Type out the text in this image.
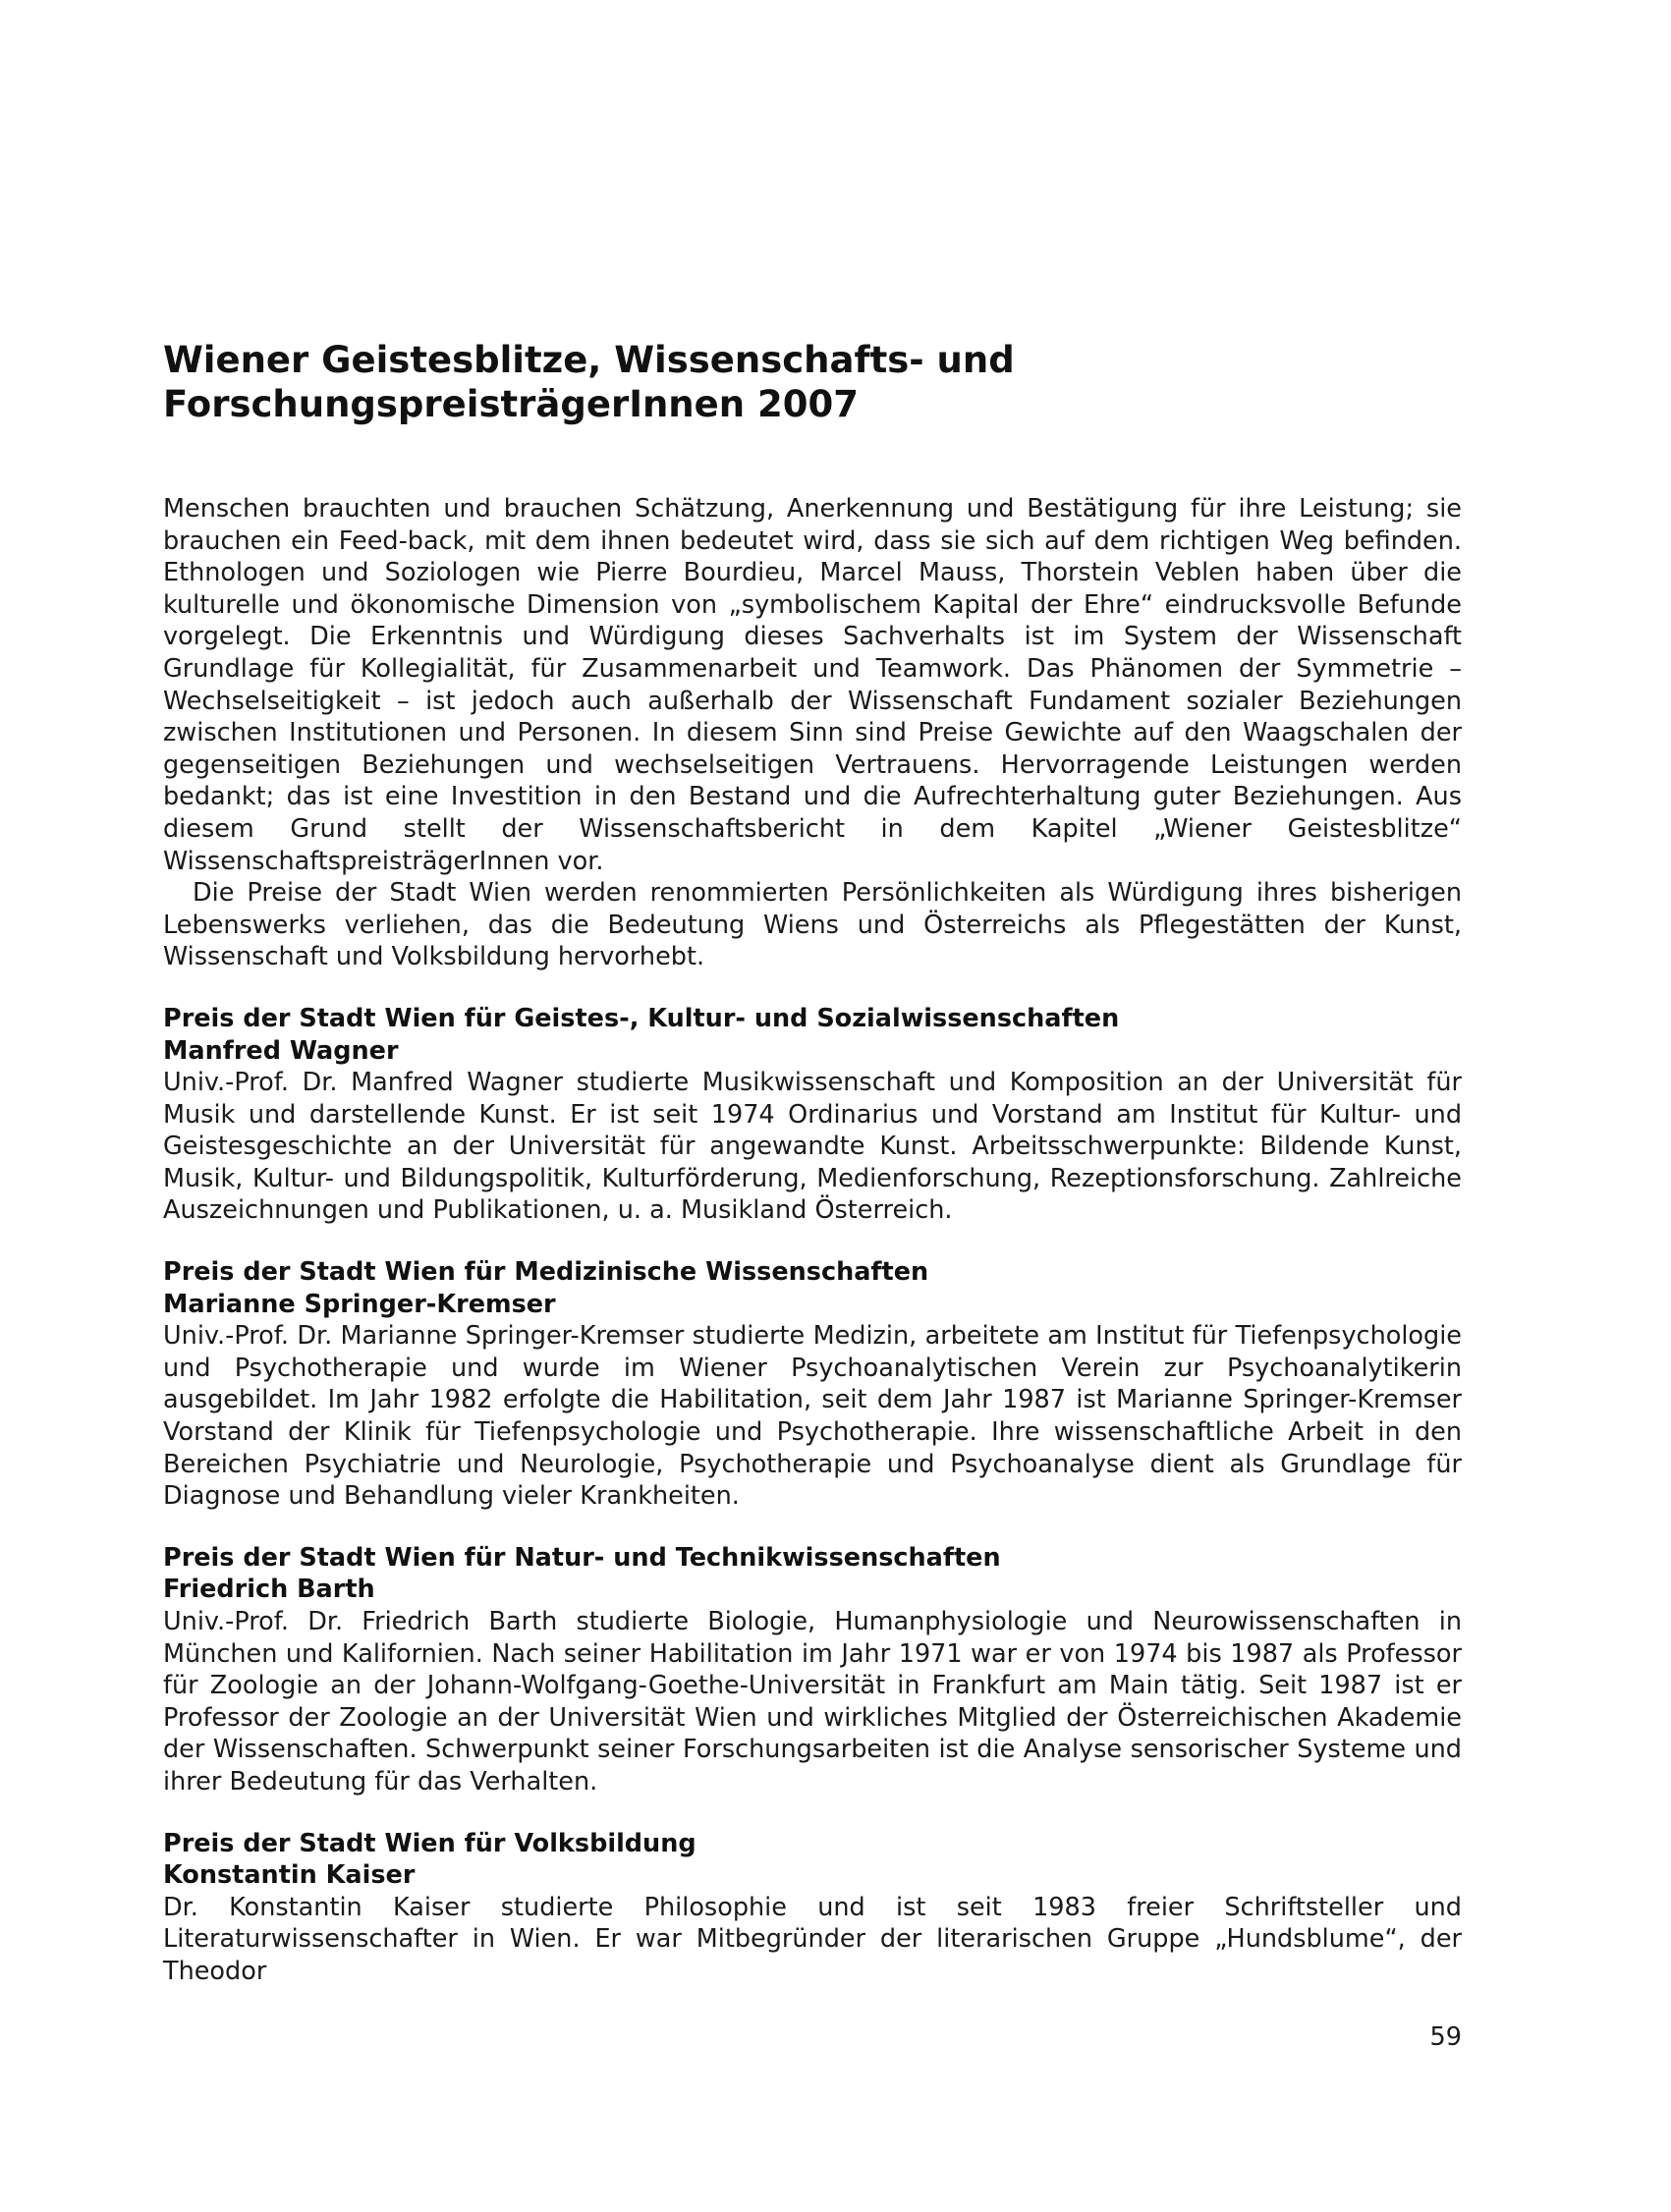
Wiener Geistesblitze, Wissenschafts- und
ForschungspreisträgerInnen 2007

Menschen brauchten und brauchen Schätzung, Anerkennung und Bestätigung für ihre Leistung; sie brauchen ein Feed-back, mit dem ihnen bedeutet wird, dass sie sich auf dem richtigen Weg befinden. Ethnologen und Soziologen wie Pierre Bourdieu, Marcel Mauss, Thorstein Veblen haben über die kulturelle und ökonomische Dimension von „symbolischem Kapital der Ehre“ eindrucksvolle Befunde vorgelegt. Die Erkenntnis und Würdigung dieses Sachverhalts ist im System der Wissenschaft Grundlage für Kollegialität, für Zusammenarbeit und Teamwork. Das Phänomen der Symmetrie – Wechselseitigkeit – ist jedoch auch außerhalb der Wissenschaft Fundament sozialer Beziehungen zwischen Institutionen und Personen. In diesem Sinn sind Preise Gewichte auf den Waagschalen der gegenseitigen Beziehungen und wechselseitigen Vertrauens. Hervorragende Leistungen werden bedankt; das ist eine Investition in den Bestand und die Aufrechterhaltung guter Beziehungen. Aus diesem Grund stellt der Wissenschaftsbericht in dem Kapitel „Wiener Geistesblitze“ WissenschaftspreisträgerInnen vor.

Die Preise der Stadt Wien werden renommierten Persönlichkeiten als Würdigung ihres bisherigen Lebenswerks verliehen, das die Bedeutung Wiens und Österreichs als Pflegestätten der Kunst, Wissenschaft und Volksbildung hervorhebt.

Preis der Stadt Wien für Geistes-, Kultur- und Sozialwissenschaften

Manfred Wagner

Univ.-Prof. Dr. Manfred Wagner studierte Musikwissenschaft und Komposition an der Universität für Musik und darstellende Kunst. Er ist seit 1974 Ordinarius und Vorstand am Institut für Kultur- und Geistesgeschichte an der Universität für angewandte Kunst. Arbeitsschwerpunkte: Bildende Kunst, Musik, Kultur- und Bildungspolitik, Kulturförderung, Medienforschung, Rezeptionsforschung. Zahlreiche Auszeichnungen und Publikationen, u. a. Musikland Österreich.

Preis der Stadt Wien für Medizinische Wissenschaften

Marianne Springer-Kremser

Univ.-Prof. Dr. Marianne Springer-Kremser studierte Medizin, arbeitete am Institut für Tiefenpsychologie und Psychotherapie und wurde im Wiener Psychoanalytischen Verein zur Psychoanalytikerin ausgebildet. Im Jahr 1982 erfolgte die Habilitation, seit dem Jahr 1987 ist Marianne Springer-Kremser Vorstand der Klinik für Tiefenpsychologie und Psychotherapie. Ihre wissenschaftliche Arbeit in den Bereichen Psychiatrie und Neurologie, Psychotherapie und Psychoanalyse dient als Grundlage für Diagnose und Behandlung vieler Krankheiten.

Preis der Stadt Wien für Natur- und Technikwissenschaften

Friedrich Barth

Univ.-Prof. Dr. Friedrich Barth studierte Biologie, Humanphysiologie und Neurowissenschaften in München und Kalifornien. Nach seiner Habilitation im Jahr 1971 war er von 1974 bis 1987 als Professor für Zoologie an der Johann-Wolfgang-Goethe-Universität in Frankfurt am Main tätig. Seit 1987 ist er Professor der Zoologie an der Universität Wien und wirkliches Mitglied der Österreichischen Akademie der Wissenschaften. Schwerpunkt seiner Forschungsarbeiten ist die Analyse sensorischer Systeme und ihrer Bedeutung für das Verhalten.

Preis der Stadt Wien für Volksbildung

Konstantin Kaiser

Dr. Konstantin Kaiser studierte Philosophie und ist seit 1983 freier Schriftsteller und Literaturwissenschafter in Wien. Er war Mitbegründer der literarischen Gruppe „Hundsblume“, der Theodor

59
